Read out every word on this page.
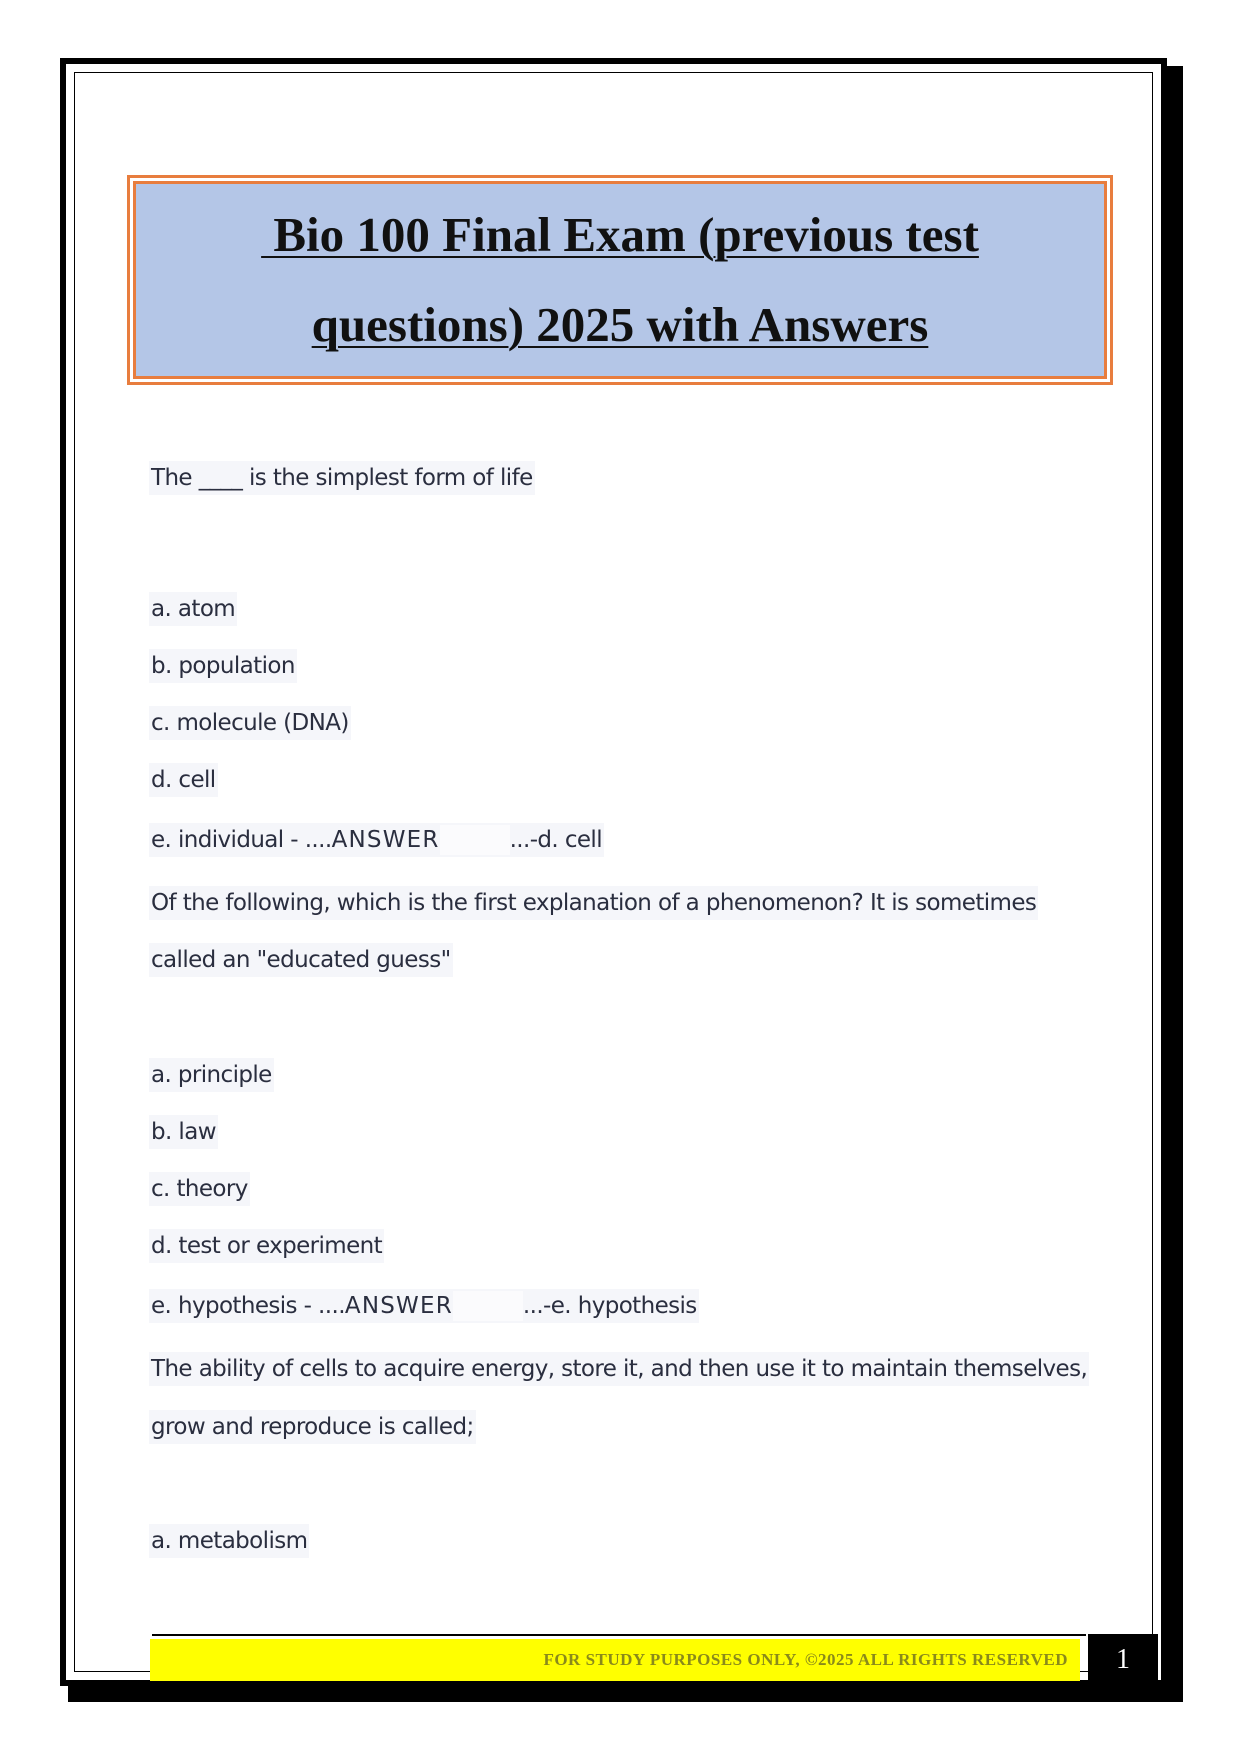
Bio 100 Final Exam (previous test
questions) 2025 with Answers
The ____ is the simplest form of life
a. atom
b. population
c. molecule (DNA)
d. cell
e. individual - ....ANSWER	...-d. cell
Of the following, which is the first explanation of a phenomenon? It is sometimes
called an "educated guess"
a. principle
b. law
c. theory
d. test or experiment
e. hypothesis - ....ANSWER	...-e. hypothesis
The ability of cells to acquire energy, store it, and then use it to maintain themselves,
grow and reproduce is called;
a. metabolism
FOR STUDY PURPOSES ONLY, ©2025 ALL RIGHTS RESERVED	1
